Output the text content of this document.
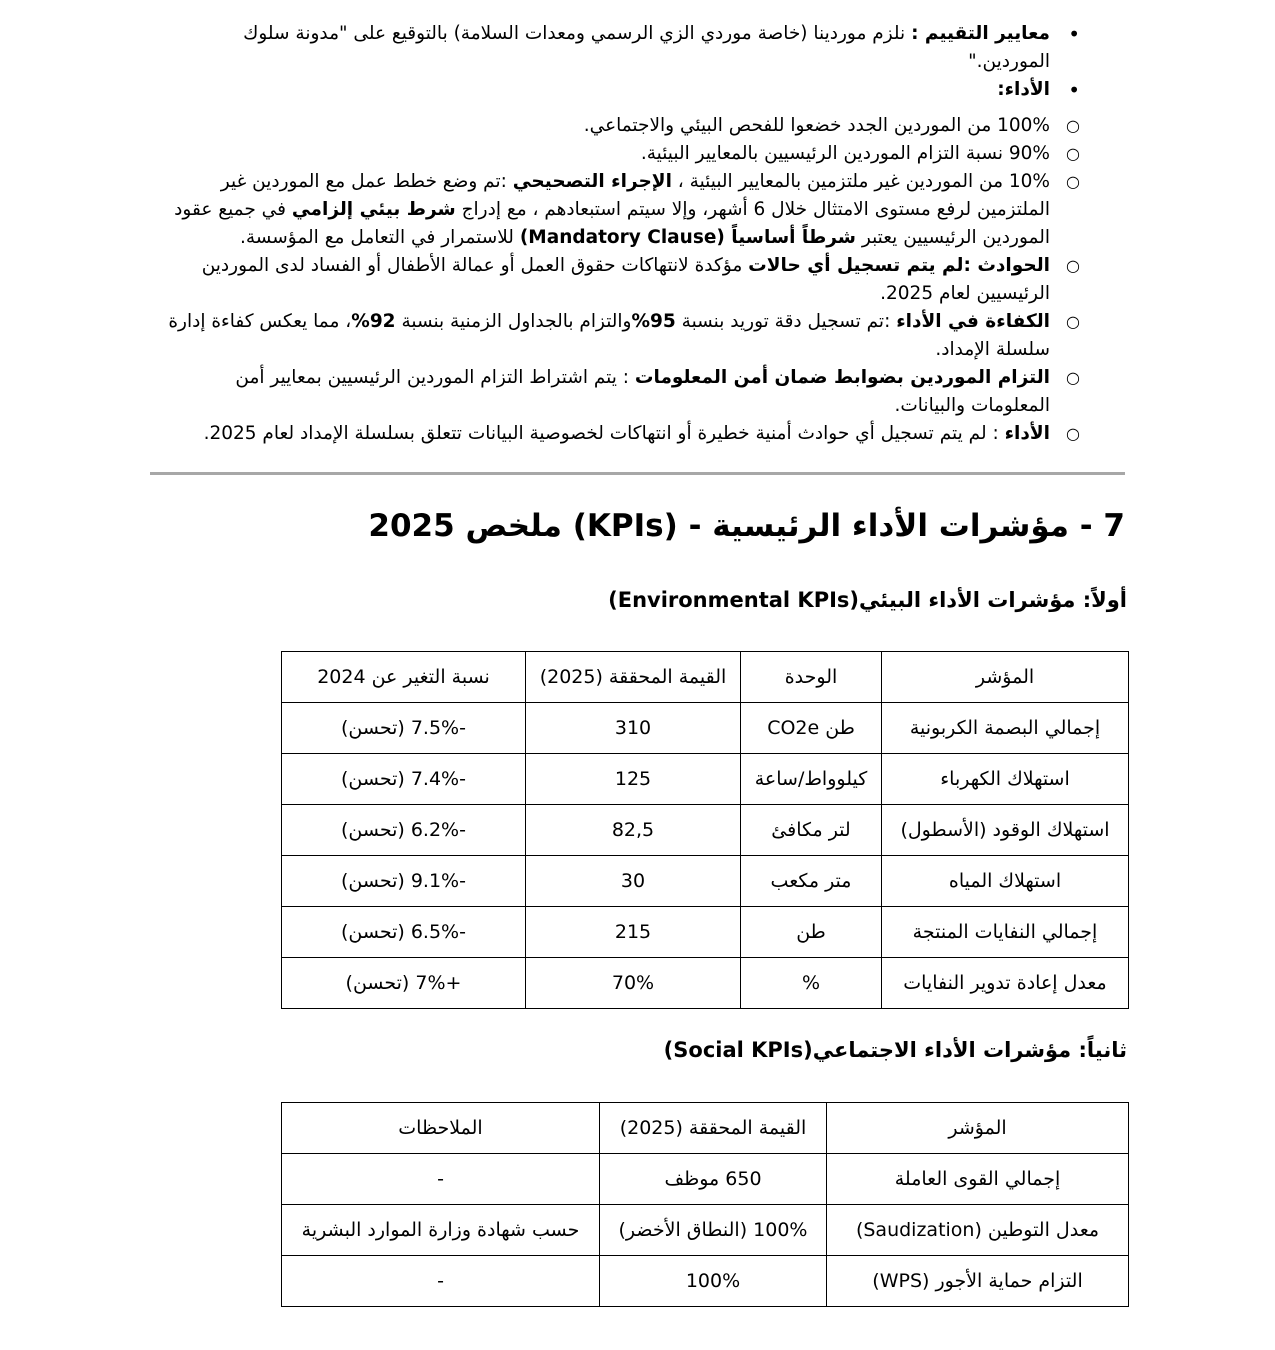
•
معايير التقييم : نلزم موردينا (خاصة موردي الزي الرسمي ومعدات السلامة) بالتوقيع على "مدونة سلوك الموردين."
•
الأداء:
○
100% من الموردين الجدد خضعوا للفحص البيئي والاجتماعي.
○
90% نسبة التزام الموردين الرئيسيين بالمعايير البيئية.
○
10% من الموردين غير ملتزمين بالمعايير البيئية ، الإجراء التصحيحي :تم وضع خطط عمل مع الموردين غير الملتزمين لرفع مستوى الامتثال خلال 6 أشهر، وإلا سيتم استبعادهم ، مع إدراج شرط بيئي إلزامي في جميع عقود الموردين الرئيسيين يعتبر شرطاً أساسياً (Mandatory Clause) للاستمرار في التعامل مع المؤسسة.
○
الحوادث :لم يتم تسجيل أي حالات مؤكدة لانتهاكات حقوق العمل أو عمالة الأطفال أو الفساد لدى الموردين الرئيسيين لعام 2025.
○
الكفاءة في الأداء :تم تسجيل دقة توريد بنسبة 95%والتزام بالجداول الزمنية بنسبة 92%، مما يعكس كفاءة إدارة سلسلة الإمداد.
○
التزام الموردين بضوابط ضمان أمن المعلومات : يتم اشتراط التزام الموردين الرئيسيين بمعايير أمن المعلومات والبيانات.
○
الأداء : لم يتم تسجيل أي حوادث أمنية خطيرة أو انتهاكات لخصوصية البيانات تتعلق بسلسلة الإمداد لعام 2025.
7 - مؤشرات الأداء الرئيسية - (KPIs) ملخص 2025
أولاً: مؤشرات الأداء البيئي(Environmental KPIs)
المؤشر	الوحدة	القيمة المحققة (2025)	نسبة التغير عن 2024
إجمالي البصمة الكربونية	طن CO2e	310	-7.5% (تحسن)
استهلاك الكهرباء	كيلوواط/ساعة	125	-7.4% (تحسن)
استهلاك الوقود (الأسطول)	لتر مكافئ	82,5	-6.2% (تحسن)
استهلاك المياه	متر مكعب	30	-9.1% (تحسن)
إجمالي النفايات المنتجة	طن	215	-6.5% (تحسن)
معدل إعادة تدوير النفايات	%	70%	+7% (تحسن)
ثانياً: مؤشرات الأداء الاجتماعي(Social KPIs)
المؤشر	القيمة المحققة (2025)	الملاحظات
إجمالي القوى العاملة	650 موظف	-
معدل التوطين (Saudization)	100% (النطاق الأخضر)	حسب شهادة وزارة الموارد البشرية
التزام حماية الأجور (WPS)	100%	-
